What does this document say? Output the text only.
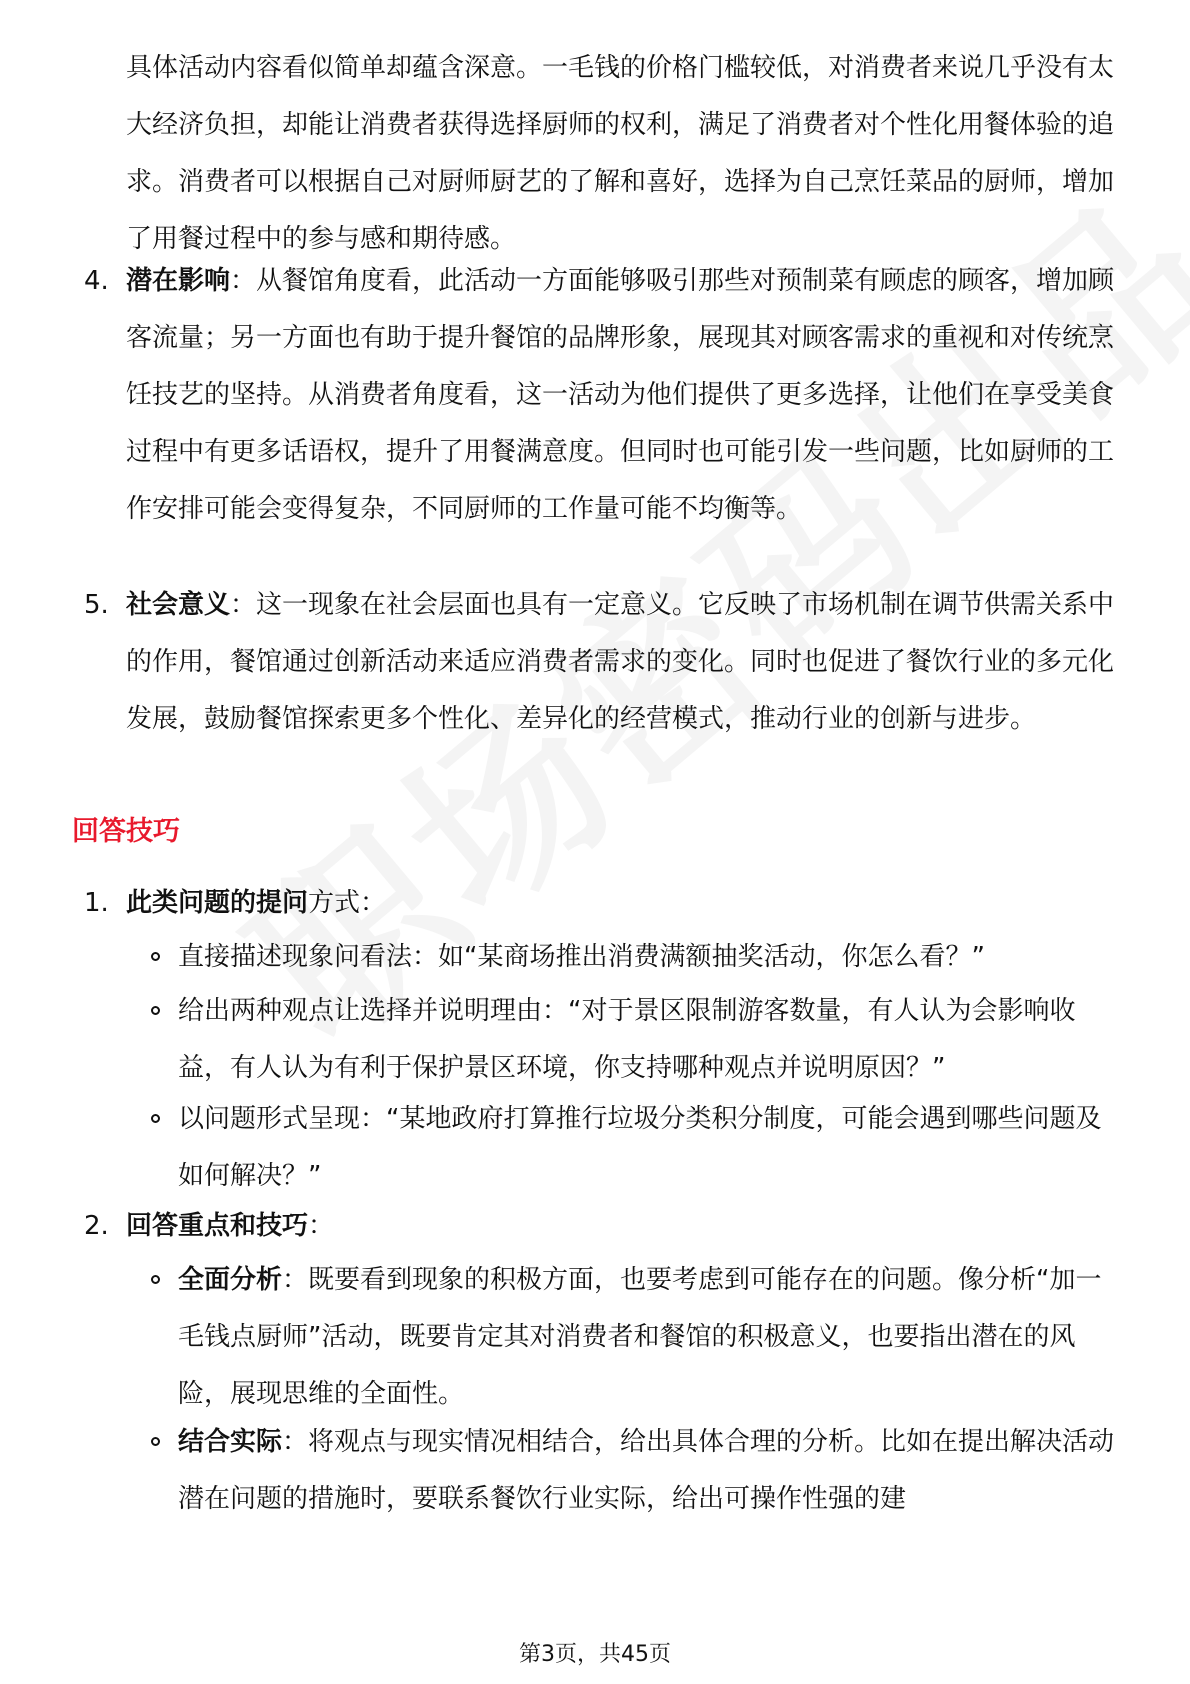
具体活动内容看似简单却蕴含深意。一毛钱的价格门槛较低，对消费者来说几乎没有太大经济负担，却能让消费者获得选择厨师的权利，满足了消费者对个性化用餐体验的追求。消费者可以根据自己对厨师厨艺的了解和喜好，选择为自己烹饪菜品的厨师，增加了用餐过程中的参与感和期待感。

4. 潜在影响：从餐馆角度看，此活动一方面能够吸引那些对预制菜有顾虑的顾客，增加顾客流量；另一方面也有助于提升餐馆的品牌形象，展现其对顾客需求的重视和对传统烹饪技艺的坚持。从消费者角度看，这一活动为他们提供了更多选择，让他们在享受美食过程中有更多话语权，提升了用餐满意度。但同时也可能引发一些问题，比如厨师的工作安排可能会变得复杂，不同厨师的工作量可能不均衡等。
5. 社会意义：这一现象在社会层面也具有一定意义。它反映了市场机制在调节供需关系中的作用，餐馆通过创新活动来适应消费者需求的变化。同时也促进了餐饮行业的多元化发展，鼓励餐馆探索更多个性化、差异化的经营模式，推动行业的创新与进步。
回答技巧
1. 此类问题的提问方式：
直接描述现象问看法：如“某商场推出消费满额抽奖活动，你怎么看？”
给出两种观点让选择并说明理由：“对于景区限制游客数量，有人认为会影响收益，有人认为有利于保护景区环境，你支持哪种观点并说明原因？”
以问题形式呈现：“某地政府打算推行垃圾分类积分制度，可能会遇到哪些问题及如何解决？”
2. 回答重点和技巧：
全面分析：既要看到现象的积极方面，也要考虑到可能存在的问题。像分析“加一毛钱点厨师”活动，既要肯定其对消费者和餐馆的积极意义，也要指出潜在的风险，展现思维的全面性。
结合实际：将观点与现实情况相结合，给出具体合理的分析。比如在提出解决活动潜在问题的措施时，要联系餐饮行业实际，给出可操作性强的建
第3页，共45页
